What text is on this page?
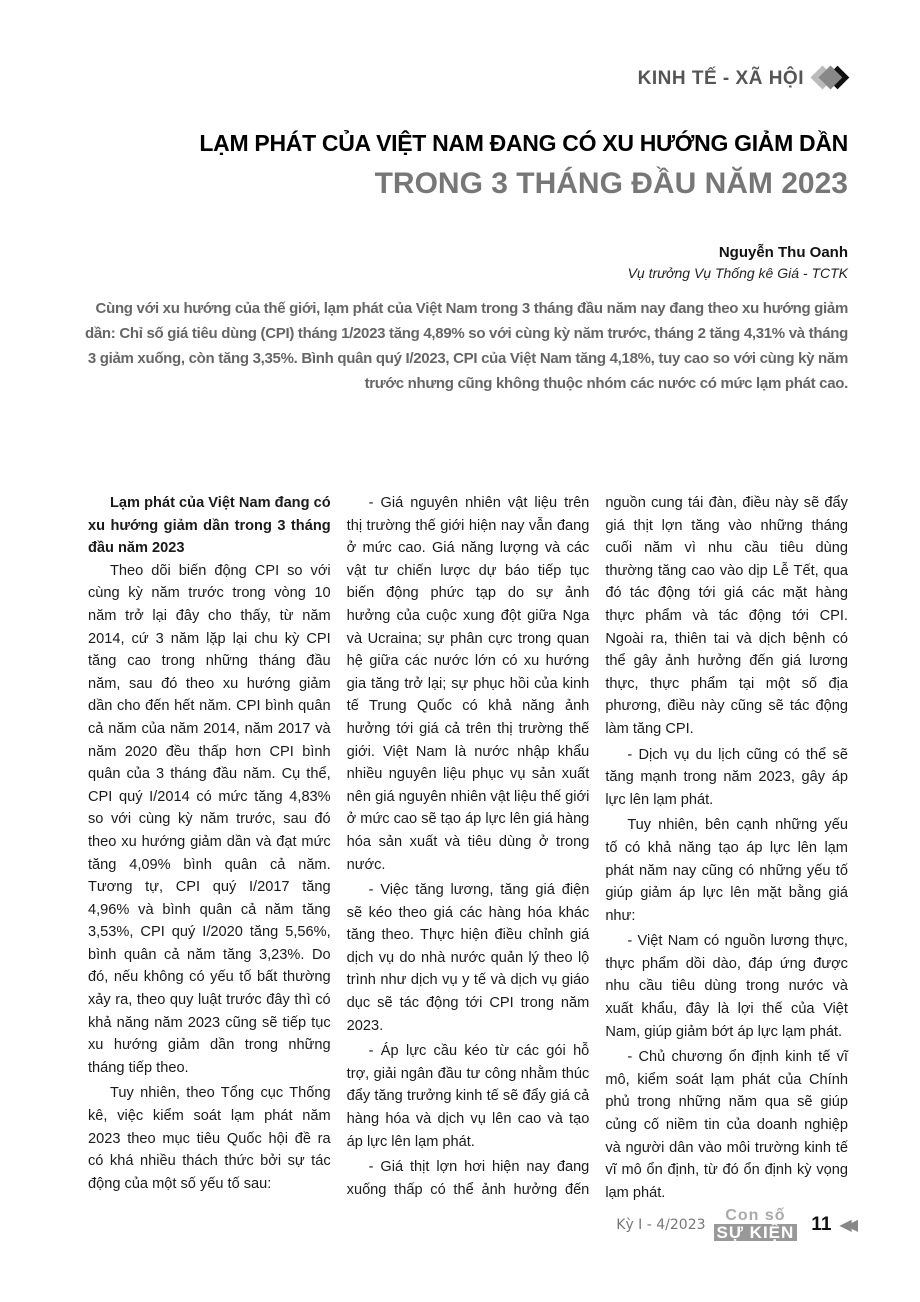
KINH TẾ - XÃ HỘI
LẠM PHÁT CỦA VIỆT NAM ĐANG CÓ XU HƯỚNG GIẢM DẦN
TRONG 3 THÁNG ĐẦU NĂM 2023
Nguyễn Thu Oanh
Vụ trưởng Vụ Thống kê Giá - TCTK
Cùng với xu hướng của thế giới, lạm phát của Việt Nam trong 3 tháng đầu năm nay đang theo xu hướng giảm dần: Chỉ số giá tiêu dùng (CPI) tháng 1/2023 tăng 4,89% so với cùng kỳ năm trước, tháng 2 tăng 4,31% và tháng 3 giảm xuống, còn tăng 3,35%. Bình quân quý I/2023, CPI của Việt Nam tăng 4,18%, tuy cao so với cùng kỳ năm trước nhưng cũng không thuộc nhóm các nước có mức lạm phát cao.
Lạm phát của Việt Nam đang có xu hướng giảm dần trong 3 tháng đầu năm 2023

Theo dõi biến động CPI so với cùng kỳ năm trước trong vòng 10 năm trở lại đây cho thấy, từ năm 2014, cứ 3 năm lặp lại chu kỳ CPI tăng cao trong những tháng đầu năm, sau đó theo xu hướng giảm dần cho đến hết năm. CPI bình quân cả năm của năm 2014, năm 2017 và năm 2020 đều thấp hơn CPI bình quân của 3 tháng đầu năm. Cụ thể, CPI quý I/2014 có mức tăng 4,83% so với cùng kỳ năm trước, sau đó theo xu hướng giảm dần và đạt mức tăng 4,09% bình quân cả năm. Tương tự, CPI quý I/2017 tăng 4,96% và bình quân cả năm tăng 3,53%, CPI quý I/2020 tăng 5,56%, bình quân cả năm tăng 3,23%. Do đó, nếu không có yếu tố bất thường xảy ra, theo quy luật trước đây thì có khả năng năm 2023 cũng sẽ tiếp tục xu hướng giảm dần trong những tháng tiếp theo.

Tuy nhiên, theo Tổng cục Thống kê, việc kiểm soát lạm phát năm 2023 theo mục tiêu Quốc hội đề ra có khá nhiều thách thức bởi sự tác động của một số yếu tố sau:

- Giá nguyên nhiên vật liệu trên thị trường thế giới hiện nay vẫn đang ở mức cao. Giá năng lượng và các vật tư chiến lược dự báo tiếp tục biến động phức tạp do sự ảnh hưởng của cuộc xung đột giữa Nga và Ucraina; sự phân cực trong quan hệ giữa các nước lớn có xu hướng gia tăng trở lại; sự phục hồi của kinh tế Trung Quốc có khả năng ảnh hưởng tới giá cả trên thị trường thế giới. Việt Nam là nước nhập khẩu nhiều nguyên liệu phục vụ sản xuất nên giá nguyên nhiên vật liệu thế giới ở mức cao sẽ tạo áp lực lên giá hàng hóa sản xuất và tiêu dùng ở trong nước.

- Việc tăng lương, tăng giá điện sẽ kéo theo giá các hàng hóa khác tăng theo. Thực hiện điều chỉnh giá dịch vụ do nhà nước quản lý theo lộ trình như dịch vụ y tế và dịch vụ giáo dục sẽ tác động tới CPI trong năm 2023.

- Áp lực cầu kéo từ các gói hỗ trợ, giải ngân đầu tư công nhằm thúc đẩy tăng trưởng kinh tế sẽ đẩy giá cả hàng hóa và dịch vụ lên cao và tạo áp lực lên lạm phát.

- Giá thịt lợn hơi hiện nay đang xuống thấp có thể ảnh hưởng đến nguồn cung tái đàn, điều này sẽ đẩy giá thịt lợn tăng vào những tháng cuối năm vì nhu cầu tiêu dùng thường tăng cao vào dịp Lễ Tết, qua đó tác động tới giá các mặt hàng thực phẩm và tác động tới CPI. Ngoài ra, thiên tai và dịch bệnh có thể gây ảnh hưởng đến giá lương thực, thực phẩm tại một số địa phương, điều này cũng sẽ tác động làm tăng CPI.

- Dịch vụ du lịch cũng có thể sẽ tăng mạnh trong năm 2023, gây áp lực lên lạm phát.

Tuy nhiên, bên cạnh những yếu tố có khả năng tạo áp lực lên lạm phát năm nay cũng có những yếu tố giúp giảm áp lực lên mặt bằng giá như:

- Việt Nam có nguồn lương thực, thực phẩm dồi dào, đáp ứng được nhu cầu tiêu dùng trong nước và xuất khẩu, đây là lợi thế của Việt Nam, giúp giảm bớt áp lực lạm phát.

- Chủ chương ổn định kinh tế vĩ mô, kiểm soát lạm phát của Chính phủ trong những năm qua sẽ giúp củng cố niềm tin của doanh nghiệp và người dân vào môi trường kinh tế vĩ mô ổn định, từ đó ổn định kỳ vọng lạm phát.

Kỳ I - 4/2023
Con số
SỰ KIỆN 11 ◀◀
